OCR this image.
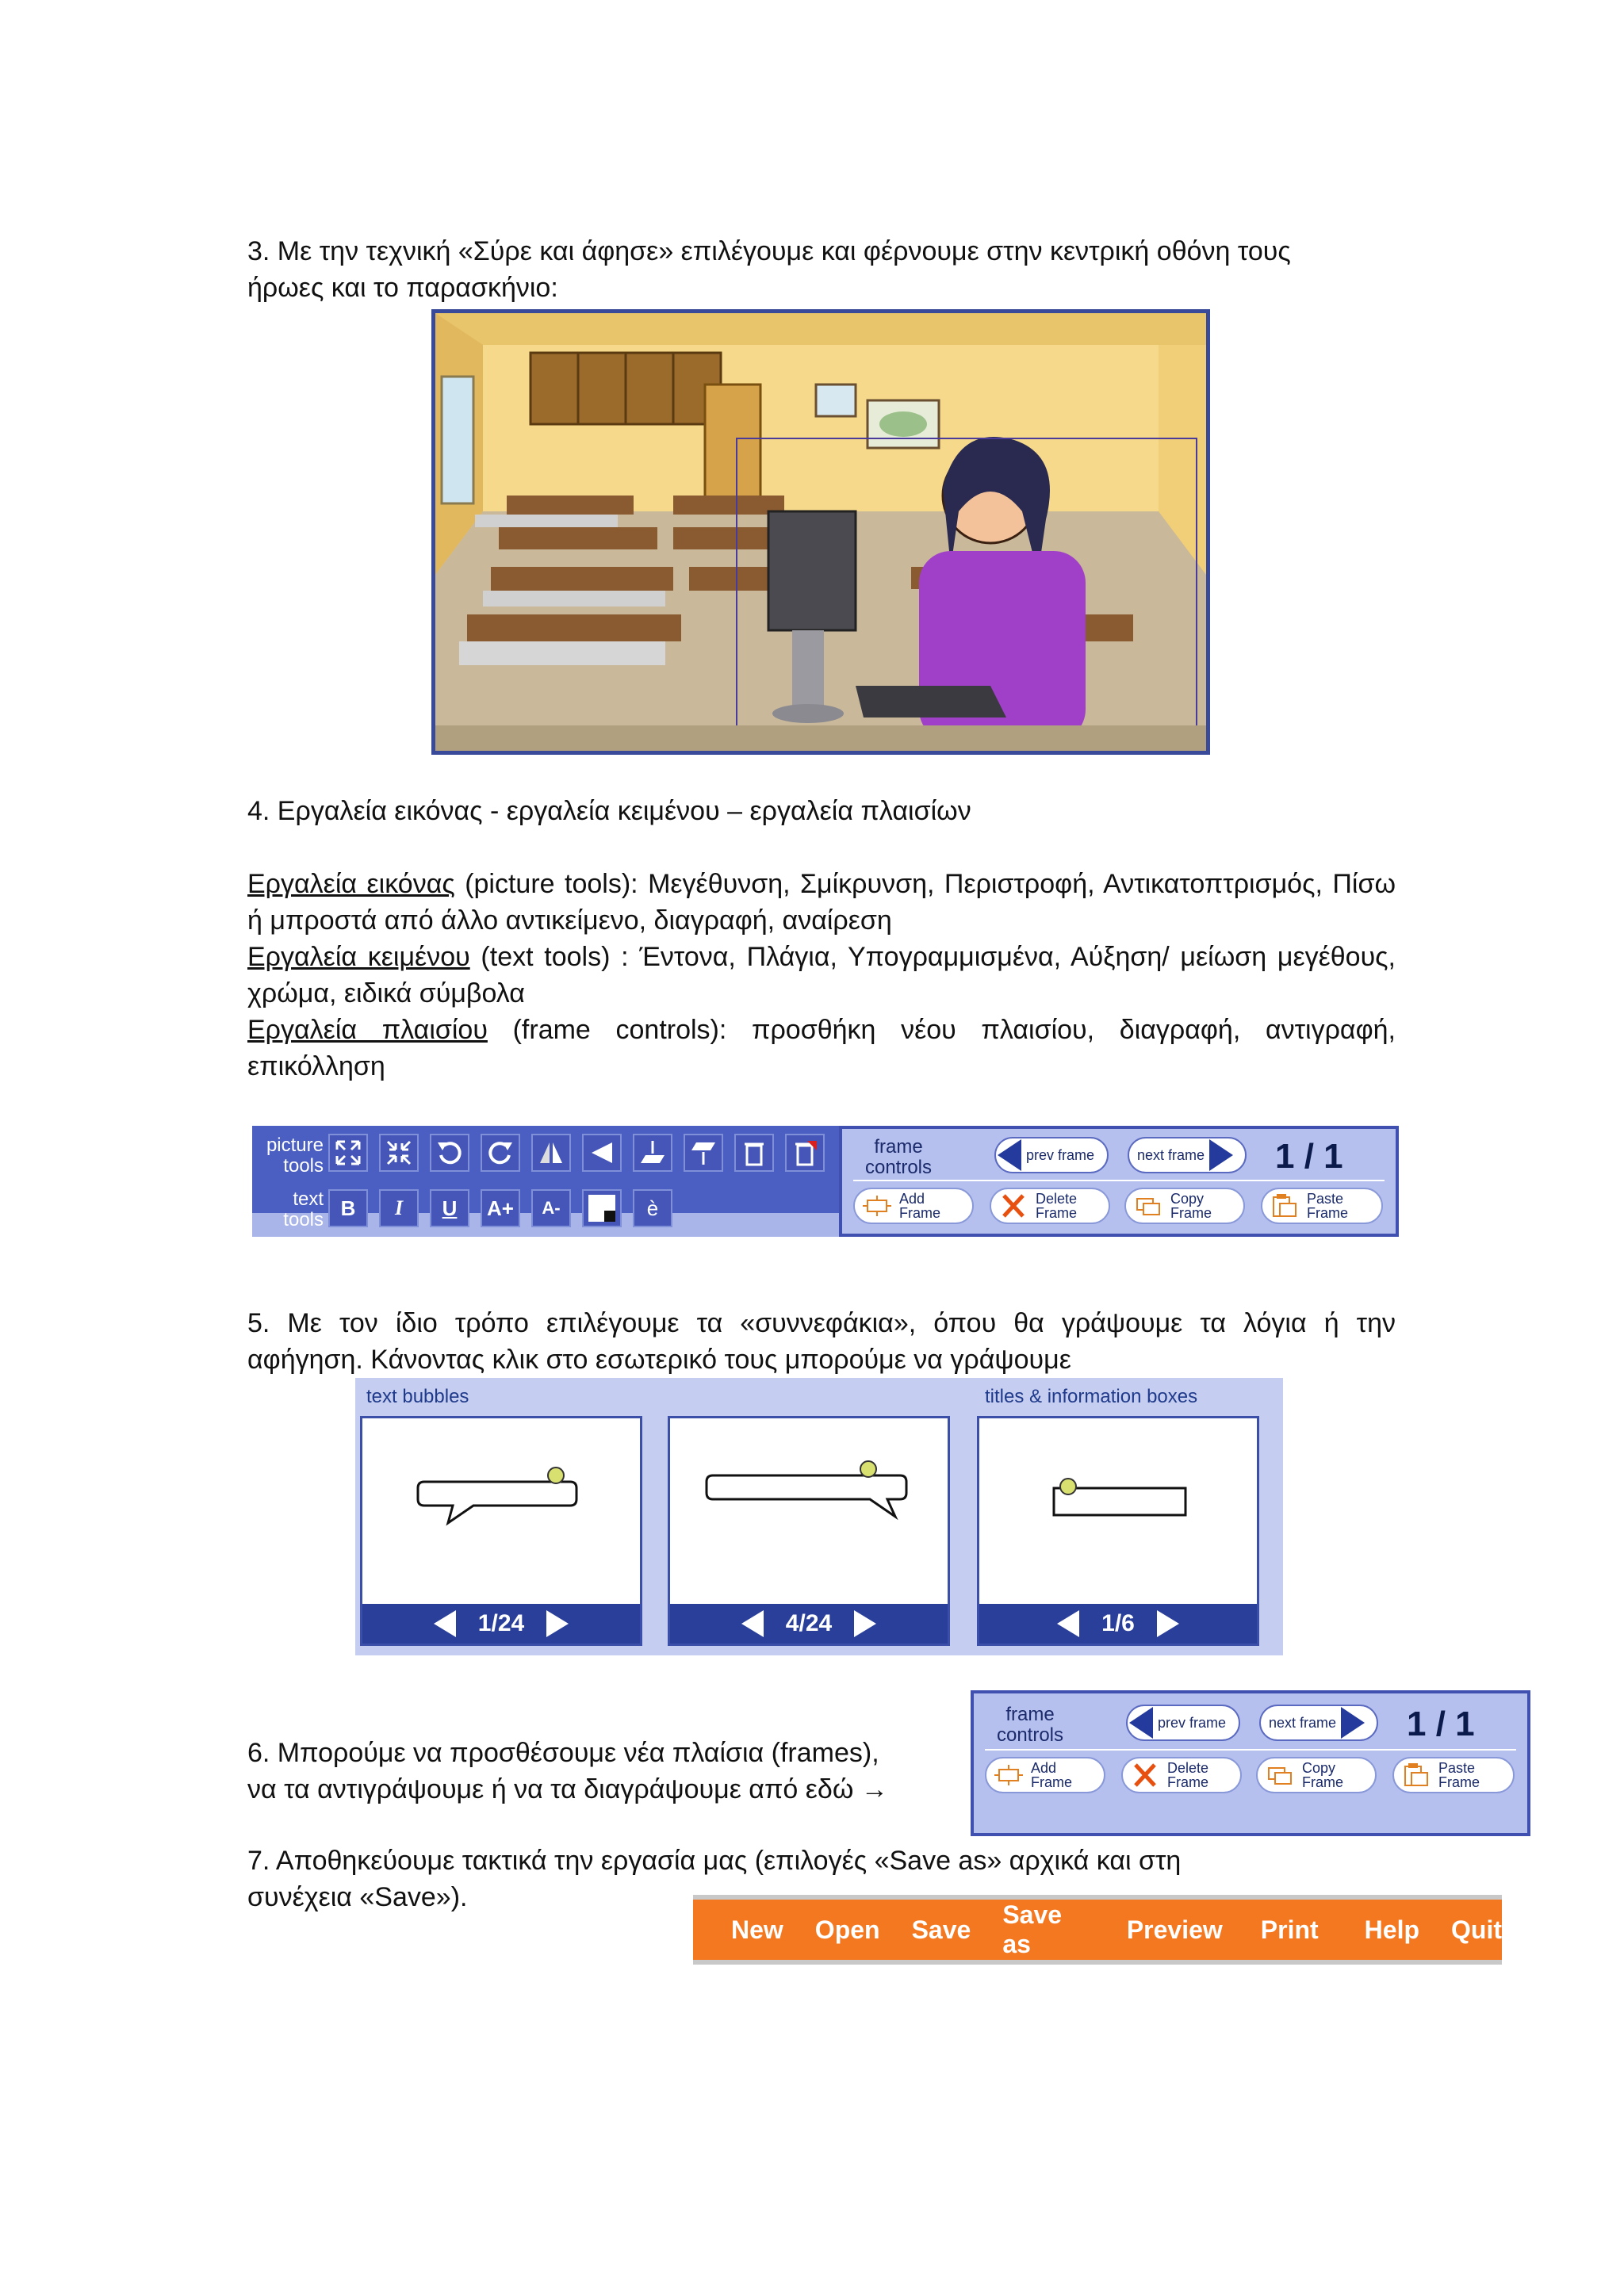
3. Με την τεχνική «Σύρε και άφησε» επιλέγουμε και φέρνουμε στην κεντρική οθόνη τους
ήρωες και το παρασκήνιο:
4. Εργαλεία εικόνας - εργαλεία κειμένου – εργαλεία πλαισίων
Εργαλεία εικόνας (picture tools): Μεγέθυνση, Σμίκρυνση, Περιστροφή, Αντικατοπτρισμός, Πίσω ή μπροστά από άλλο αντικείμενο, διαγραφή, αναίρεση
Εργαλεία κειμένου (text tools) : Έντονα, Πλάγια, Υπογραμμισμένα, Αύξηση/ μείωση μεγέθους, χρώμα, ειδικά σύμβολα
Εργαλεία πλαισίου (frame controls): προσθήκη νέου πλαισίου, διαγραφή, αντιγραφή, επικόλληση
picture
tools
text
tools B	I	U	A+	A-	è
frame
controls
prev frame	next frame 1 / 1
Add
Frame
Delete
Frame
Copy
Frame
Paste
Frame
5. Με τον ίδιο τρόπο επιλέγουμε τα «συννεφάκια», όπου θα γράψουμε τα λόγια ή την
αφήγηση. Κάνοντας κλικ στο εσωτερικό τους μπορούμε να γράψουμε
text bubbles	titles & information boxes
1/24	4/24	1/6
6. Μπορούμε να προσθέσουμε νέα πλαίσια (frames),
να τα αντιγράψουμε ή να τα διαγράψουμε από εδώ →
frame
controls
prev frame	next frame 1 / 1
Add
Frame
Delete
Frame
Copy
Frame
Paste
Frame
7. Αποθηκεύουμε τακτικά την εργασία μας (επιλογές «Save as» αρχικά και στη
συνέχεια «Save»).
New Open Save
Save as
Preview Print Help Quit
